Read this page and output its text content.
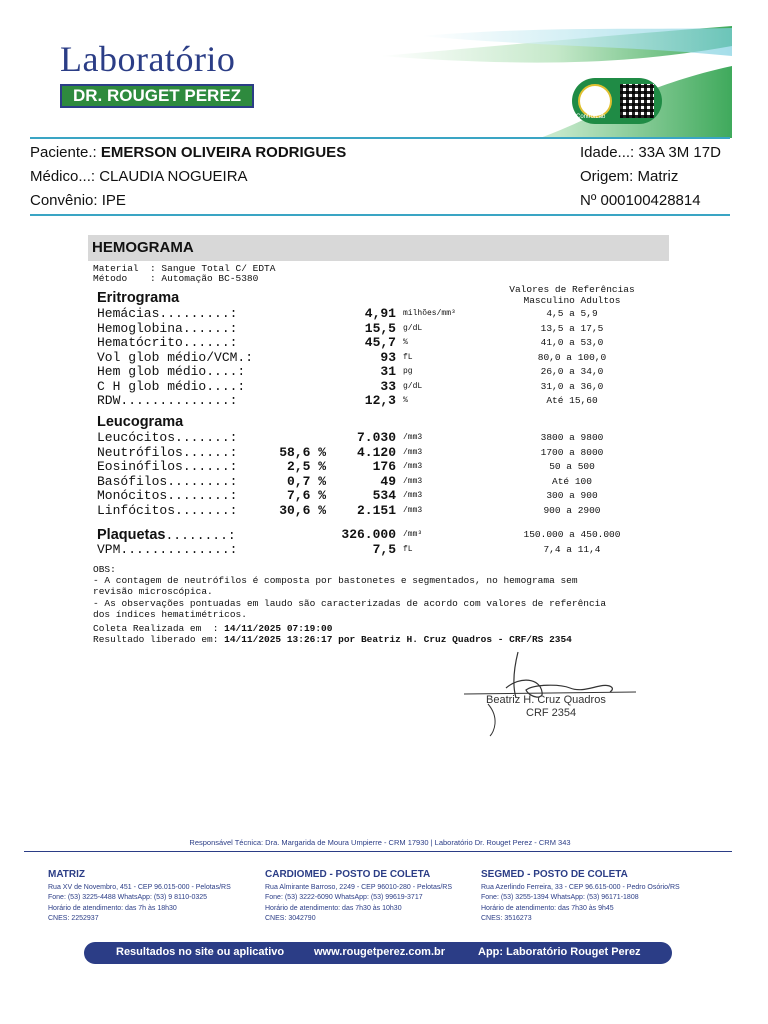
Laboratório
DR. ROUGET PEREZ
ControlLab
Paciente.: EMERSON OLIVEIRA RODRIGUES	Idade...: 33A 3M 17D
Médico...: CLAUDIA NOGUEIRA	Origem: Matriz
Convênio: IPE	Nº 000100428814
HEMOGRAMA
Material  : Sangue Total C/ EDTA
Método    : Automação BC-5380
Valores de Referências
Masculino Adultos
Eritrograma
Hemácias.........:	4,91 milhões/mm³	4,5 a 5,9
Hemoglobina......:	15,5 g/dL	13,5 a 17,5
Hematócrito......:	45,7 %	41,0 a 53,0
Vol glob médio/VCM.:	93 fL	80,0 a 100,0
Hem glob médio....:	31 pg	26,0 a 34,0
C H glob médio....:	33 g/dL	31,0 a 36,0
RDW..............:	12,3 %	Até 15,60
Leucograma
Leucócitos.......:	7.030 /mm3	3800 a 9800
Neutrófilos......:	58,6 %	4.120 /mm3	1700 a 8000
Eosinófilos......:	2,5 %	176 /mm3	50 a 500
Basófilos........:	0,7 %	49 /mm3	Até 100
Monócitos........:	7,6 %	534 /mm3	300 a 900
Linfócitos.......:	30,6 %	2.151 /mm3	900 a 2900
Plaquetas........:	326.000 /mm³	150.000 a 450.000
VPM..............:	7,5 fL	7,4 a 11,4
OBS:
- A contagem de neutrófilos é composta por bastonetes e segmentados, no hemograma sem
revisão microscópica.
- As observações pontuadas em laudo são caracterizadas de acordo com valores de referência
dos índices hematimétricos.
Coleta Realizada em  : 14/11/2025 07:19:00
Resultado liberado em: 14/11/2025 13:26:17 por Beatriz H. Cruz Quadros - CRF/RS 2354
Beatriz H. Cruz Quadros
CRF 2354
Responsável Técnica: Dra. Margarida de Moura Umpierre - CRM 17930 | Laboratório Dr. Rouget Perez - CRM 343
MATRIZ
Rua XV de Novembro, 451 - CEP 96.015-000 - Pelotas/RS
Fone: (53) 3225-4488 WhatsApp: (53) 9 8110-0325
Horário de atendimento: das 7h às 18h30
CNES: 2252937
CARDIOMED - POSTO DE COLETA
Rua Almirante Barroso, 2249 - CEP 96010-280 - Pelotas/RS
Fone: (53) 3222-6090 WhatsApp: (53) 99619-3717
Horário de atendimento: das 7h30 às 10h30
CNES: 3042790
SEGMED - POSTO DE COLETA
Rua Azerlindo Ferreira, 33 - CEP 96.615-000 - Pedro Osório/RS
Fone: (53) 3255-1394 WhatsApp: (53) 96171-1808
Horário de atendimento: das 7h30 às 9h45
CNES: 3516273
Resultados no site ou aplicativo	www.rougetperez.com.br	App: Laboratório Rouget Perez
